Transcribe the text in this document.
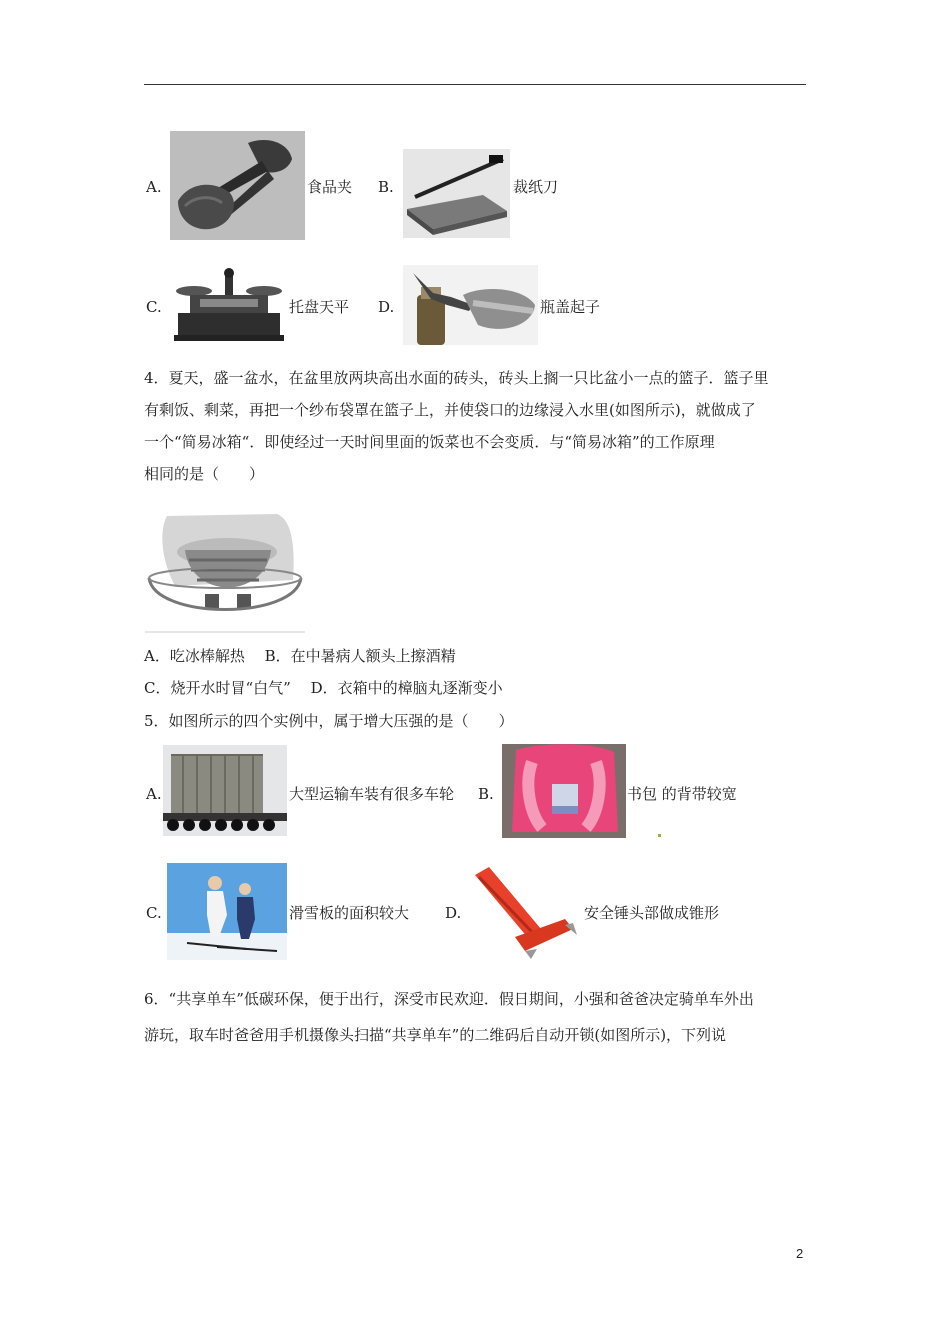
A.	食品夹 B.	裁纸刀
C.	托盘天平 D.	瓶盖起子
4．夏天，盛一盆水，在盆里放两块高出水面的砖头，砖头上搁一只比盆小一点的篮子．篮子里
有剩饭、剩菜，再把一个纱布袋罩在篮子上，并使袋口的边缘浸入水里(如图所示)，就做成了
一个“简易冰箱“．即使经过一天时间里面的饭菜也不会变质．与“简易冰箱”的工作原理
相同的是（　　）
A．吃冰棒解热　 B．在中暑病人额头上擦酒精
C．烧开水时冒“白气”　 D．衣箱中的樟脑丸逐渐变小
5．如图所示的四个实例中，属于增大压强的是（　　）
A.	大型运输车装有很多车轮 B.	书包 的背带较宽
C.	滑雪板的面积较大 D.	安全锤头部做成锥形
6．“共享单车”低碳环保，便于出行，深受市民欢迎．假日期间，小强和爸爸决定骑单车外出
游玩，取车时爸爸用手机摄像头扫描“共享单车”的二维码后自动开锁(如图所示)，下列说
2
